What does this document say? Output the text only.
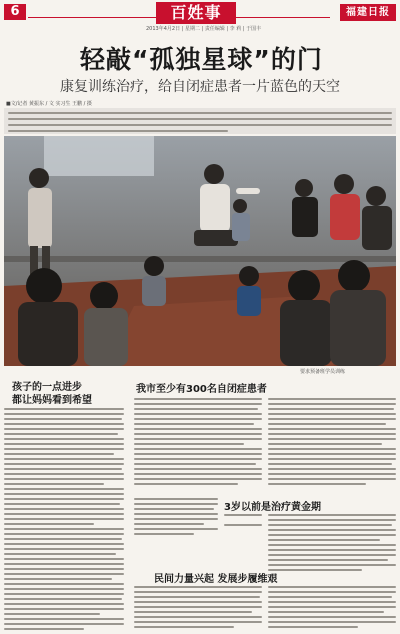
6	百姓事
2013年4月2日 | 星期二 | 责任编辑 | 李 莉 | 于国丰
福建日报
轻敲“孤独星球”的门
康复训练治疗，给自闭症患者一片蓝色的天空
■文/记者 黄振东 / 文 实习生 王鹏 / 摄
要求预备班学员训练
孩子的一点进步
都让妈妈看到希望
我市至少有300名自闭症患者
3岁以前是治疗黄金期
民间力量兴起 发展步履维艰
